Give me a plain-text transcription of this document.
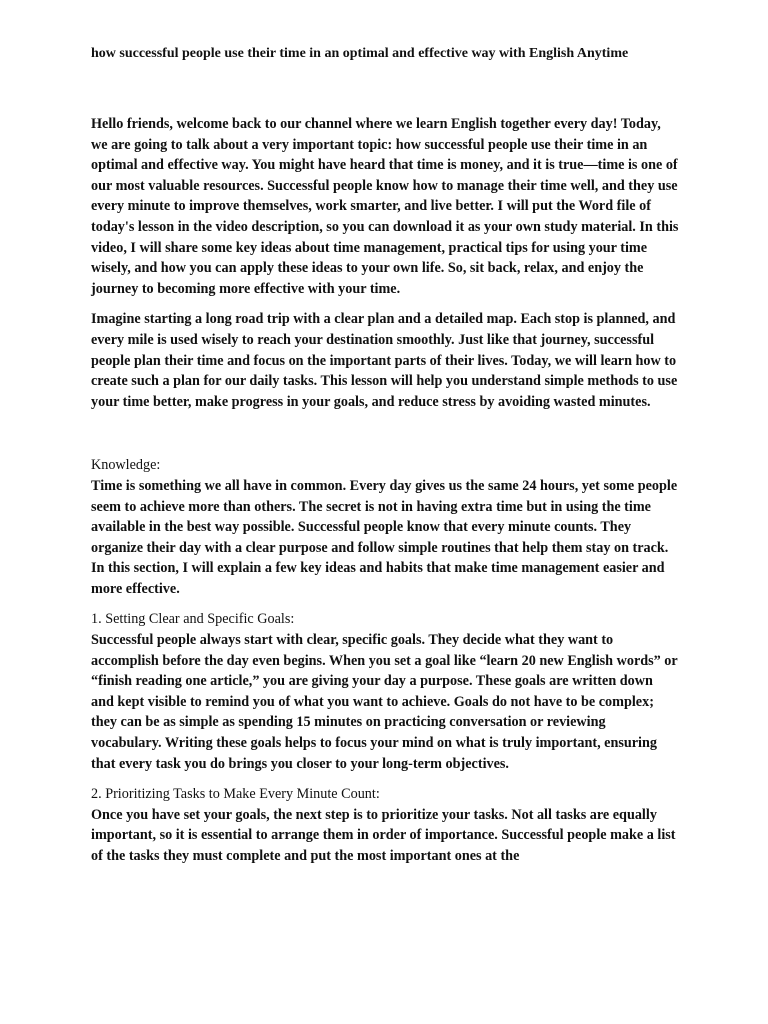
how successful people use their time in an optimal and effective way with English Anytime

Hello friends, welcome back to our channel where we learn English together every day! Today, we are going to talk about a very important topic: how successful people use their time in an optimal and effective way. You might have heard that time is money, and it is true—time is one of our most valuable resources. Successful people know how to manage their time well, and they use every minute to improve themselves, work smarter, and live better. I will put the Word file of today's lesson in the video description, so you can download it as your own study material. In this video, I will share some key ideas about time management, practical tips for using your time wisely, and how you can apply these ideas to your own life. So, sit back, relax, and enjoy the journey to becoming more effective with your time.

Imagine starting a long road trip with a clear plan and a detailed map. Each stop is planned, and every mile is used wisely to reach your destination smoothly. Just like that journey, successful people plan their time and focus on the important parts of their lives. Today, we will learn how to create such a plan for our daily tasks. This lesson will help you understand simple methods to use your time better, make progress in your goals, and reduce stress by avoiding wasted minutes.

Knowledge:

Time is something we all have in common. Every day gives us the same 24 hours, yet some people seem to achieve more than others. The secret is not in having extra time but in using the time available in the best way possible. Successful people know that every minute counts. They organize their day with a clear purpose and follow simple routines that help them stay on track. In this section, I will explain a few key ideas and habits that make time management easier and more effective.

1. Setting Clear and Specific Goals:

Successful people always start with clear, specific goals. They decide what they want to accomplish before the day even begins. When you set a goal like “learn 20 new English words” or “finish reading one article,” you are giving your day a purpose. These goals are written down and kept visible to remind you of what you want to achieve. Goals do not have to be complex; they can be as simple as spending 15 minutes on practicing conversation or reviewing vocabulary. Writing these goals helps to focus your mind on what is truly important, ensuring that every task you do brings you closer to your long-term objectives.

2. Prioritizing Tasks to Make Every Minute Count:

Once you have set your goals, the next step is to prioritize your tasks. Not all tasks are equally important, so it is essential to arrange them in order of importance. Successful people make a list of the tasks they must complete and put the most important ones at the
